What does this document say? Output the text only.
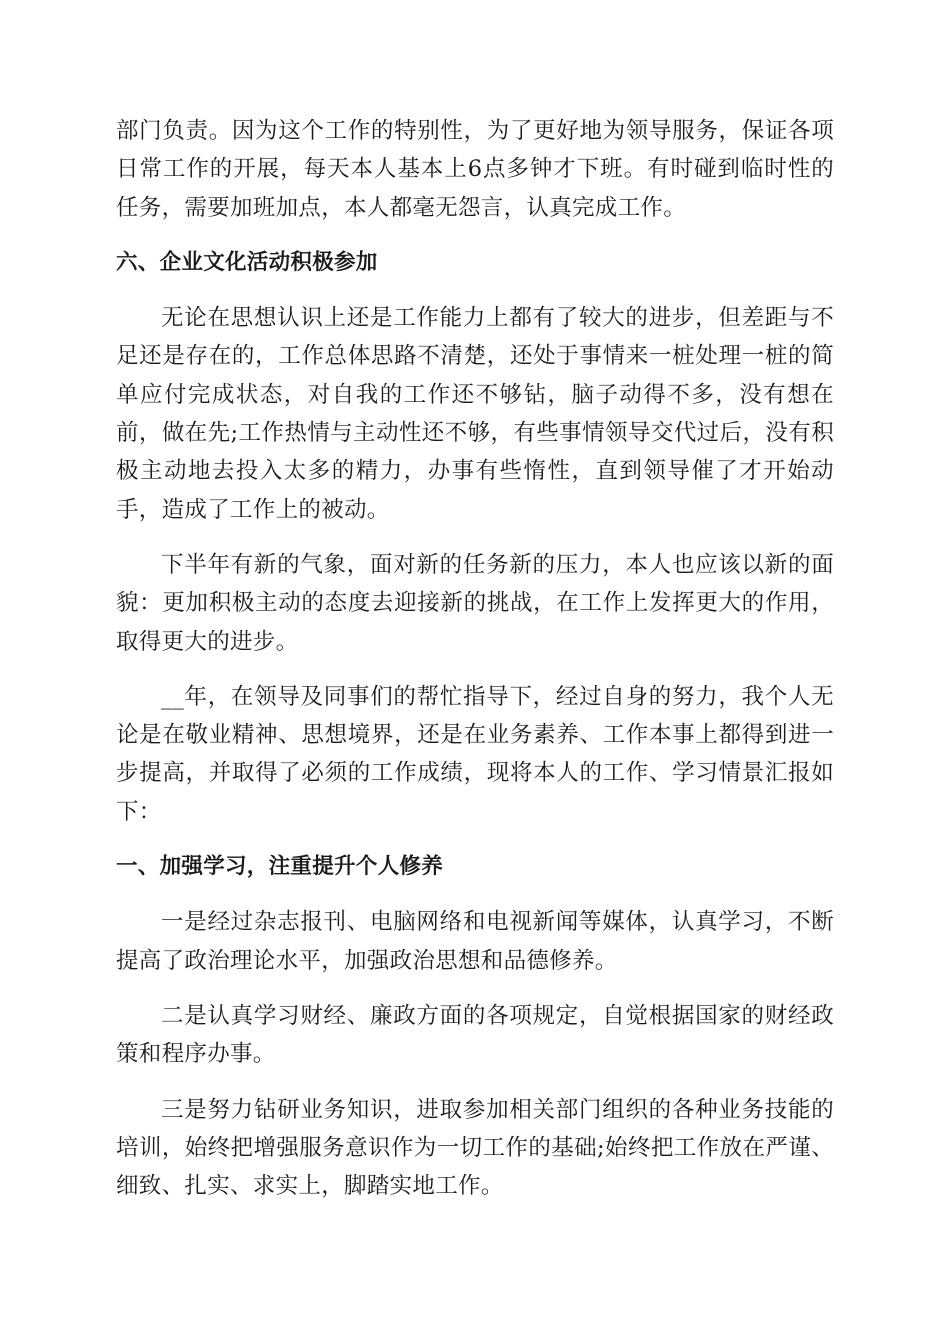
部门负责。因为这个工作的特别性，为了更好地为领导服务，保证各项日常工作的开展，每天本人基本上6点多钟才下班。有时碰到临时性的任务，需要加班加点，本人都毫无怨言，认真完成工作。

六、企业文化活动积极参加

无论在思想认识上还是工作能力上都有了较大的进步，但差距与不足还是存在的，工作总体思路不清楚，还处于事情来一桩处理一桩的简单应付完成状态，对自我的工作还不够钻，脑子动得不多，没有想在前，做在先;工作热情与主动性还不够，有些事情领导交代过后，没有积极主动地去投入太多的精力，办事有些惰性，直到领导催了才开始动手，造成了工作上的被动。

下半年有新的气象，面对新的任务新的压力，本人也应该以新的面貌：更加积极主动的态度去迎接新的挑战，在工作上发挥更大的作用，取得更大的进步。

__年，在领导及同事们的帮忙指导下，经过自身的努力，我个人无论是在敬业精神、思想境界，还是在业务素养、工作本事上都得到进一步提高，并取得了必须的工作成绩，现将本人的工作、学习情景汇报如下：

一、加强学习，注重提升个人修养

一是经过杂志报刊、电脑网络和电视新闻等媒体，认真学习，不断提高了政治理论水平，加强政治思想和品德修养。

二是认真学习财经、廉政方面的各项规定，自觉根据国家的财经政策和程序办事。

三是努力钻研业务知识，进取参加相关部门组织的各种业务技能的培训，始终把增强服务意识作为一切工作的基础;始终把工作放在严谨、细致、扎实、求实上，脚踏实地工作。
